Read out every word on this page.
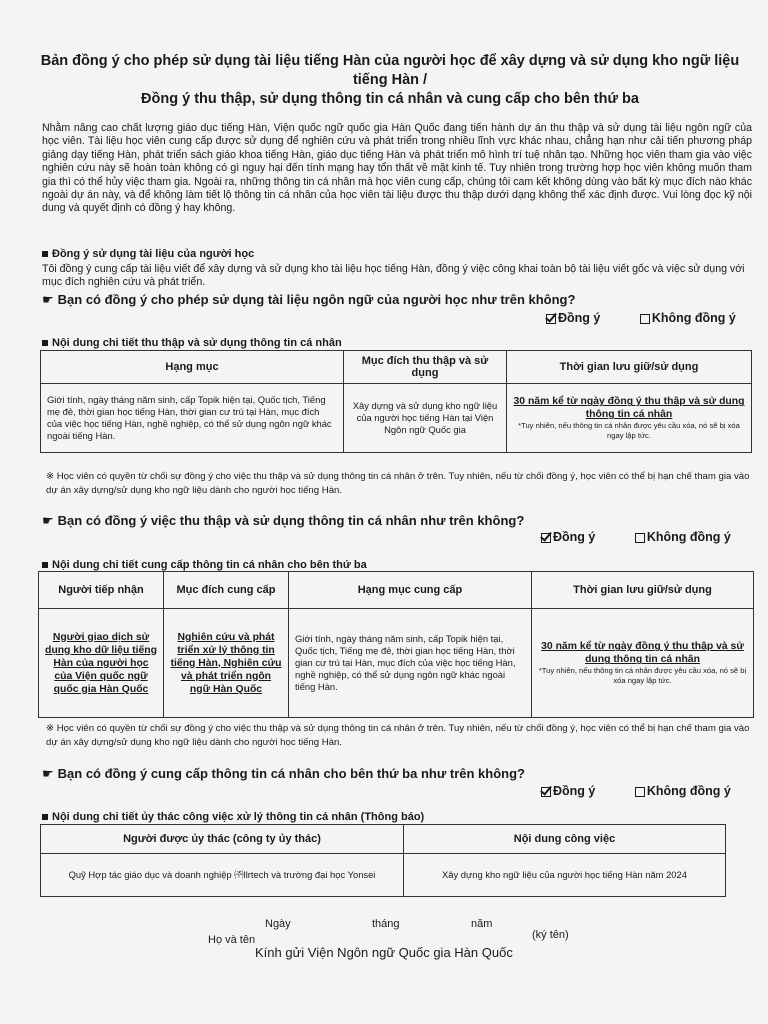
Bản đồng ý cho phép sử dụng tài liệu tiếng Hàn của người học để xây dựng và sử dụng kho ngữ liệu tiếng Hàn /
Đồng ý thu thập, sử dụng thông tin cá nhân và cung cấp cho bên thứ ba
Nhằm nâng cao chất lượng giáo dục tiếng Hàn, Viện quốc ngữ quốc gia Hàn Quốc đang tiến hành dự án thu thập và sử dụng tài liệu ngôn ngữ của học viên. Tài liệu học viên cung cấp được sử dụng để nghiên cứu và phát triển trong nhiều lĩnh vực khác nhau, chẳng hạn như cải tiến phương pháp giảng dạy tiếng Hàn, phát triển sách giáo khoa tiếng Hàn, giáo dục tiếng Hàn và phát triển mô hình trí tuệ nhân tạo. Những học viên tham gia vào việc nghiên cứu này sẽ hoàn toàn không có gì nguy hại đến tính mạng hay tổn thất về mặt kinh tế. Tuy nhiên trong trường hợp học viên không muốn tham gia thì có thể hủy việc tham gia. Ngoài ra, những thông tin cá nhân mà học viên cung cấp, chúng tôi cam kết không dùng vào bất kỳ mục đích nào khác ngoài dự án này, và để không làm tiết lộ thông tin cá nhân của học viên tài liệu được thu thập dưới dạng không thể xác định được. Vui lòng đọc kỹ nội dung và quyết định có đồng ý hay không.
Đồng ý sử dụng tài liệu của người học
Tôi đồng ý cung cấp tài liệu viết để xây dựng và sử dụng kho tài liệu học tiếng Hàn, đồng ý việc công khai toàn bộ tài liệu viết gốc và việc sử dụng với mục đích nghiên cứu và phát triển.
☛ Bạn có đồng ý cho phép sử dụng tài liệu ngôn ngữ của người học như trên không?
Đồng ý	Không đồng ý
Nội dung chi tiết thu thập và sử dụng thông tin cá nhân
Hạng mục	Mục đích thu thập và sử dụng	Thời gian lưu giữ/sử dụng
Giới tính, ngày tháng năm sinh, cấp Topik hiện tại, Quốc tịch, Tiếng mẹ đẻ, thời gian học tiếng Hàn, thời gian cư trú tại Hàn, mục đích của việc học tiếng Hàn, nghề nghiệp, có thể sử dụng ngôn ngữ khác ngoài tiếng Hàn.	Xây dựng và sử dụng kho ngữ liệu của người học tiếng Hàn tại Viện Ngôn ngữ Quốc gia	30 năm kể từ ngày đồng ý thu thập và sử dụng thông tin cá nhân
*Tuy nhiên, nếu thông tin cá nhân được yêu cầu xóa, nó sẽ bị xóa ngay lập tức.
※ Học viên có quyền từ chối sự đồng ý cho việc thu thập và sử dụng thông tin cá nhân ở trên. Tuy nhiên, nếu từ chối đồng ý, học viên có thể bị hạn chế tham gia vào dự án xây dựng/sử dụng kho ngữ liệu dành cho người học tiếng Hàn.
☛ Bạn có đồng ý việc thu thập và sử dụng thông tin cá nhân như trên không?
Đồng ý	Không đồng ý
Nội dung chi tiết cung cấp thông tin cá nhân cho bên thứ ba
Người tiếp nhận	Mục đích cung cấp	Hạng mục cung cấp	Thời gian lưu giữ/sử dụng

Người giao dịch sử dụng kho dữ liệu tiếng Hàn của người học của Viện quốc ngữ quốc gia Hàn Quốc	Nghiên cứu và phát triển xử lý thông tin tiếng Hàn, Nghiên cứu và phát triển ngôn ngữ Hàn Quốc	Giới tính, ngày tháng năm sinh, cấp Topik hiện tại, Quốc tịch, Tiếng mẹ đẻ, thời gian học tiếng Hàn, thời gian cư trú tại Hàn, mục đích của việc học tiếng Hàn, nghề nghiệp, có thể sử dụng ngôn ngữ khác ngoài tiếng Hàn.	30 năm kể từ ngày đồng ý thu thập và sử dụng thông tin cá nhân
*Tuy nhiên, nếu thông tin cá nhân được yêu cầu xóa, nó sẽ bị xóa ngay lập tức.
※ Học viên có quyền từ chối sự đồng ý cho việc thu thập và sử dụng thông tin cá nhân ở trên. Tuy nhiên, nếu từ chối đồng ý, học viên có thể bị hạn chế tham gia vào dự án xây dựng/sử dụng kho ngữ liệu dành cho người học tiếng Hàn.
☛ Bạn có đồng ý cung cấp thông tin cá nhân cho bên thứ ba như trên không?
Đồng ý	Không đồng ý
Nội dung chi tiết ủy thác công việc xử lý thông tin cá nhân (Thông báo)
Người được ủy thác (công ty ủy thác)	Nội dung công việc
Quỹ Hợp tác giáo dục và doanh nghiệp ㈜llrtech và trường đại học Yonsei	Xây dựng kho ngữ liệu của người học tiếng Hàn năm 2024
Ngày	tháng	năm
Họ và tên	(ký tên)
Kính gửi Viện Ngôn ngữ Quốc gia Hàn Quốc
